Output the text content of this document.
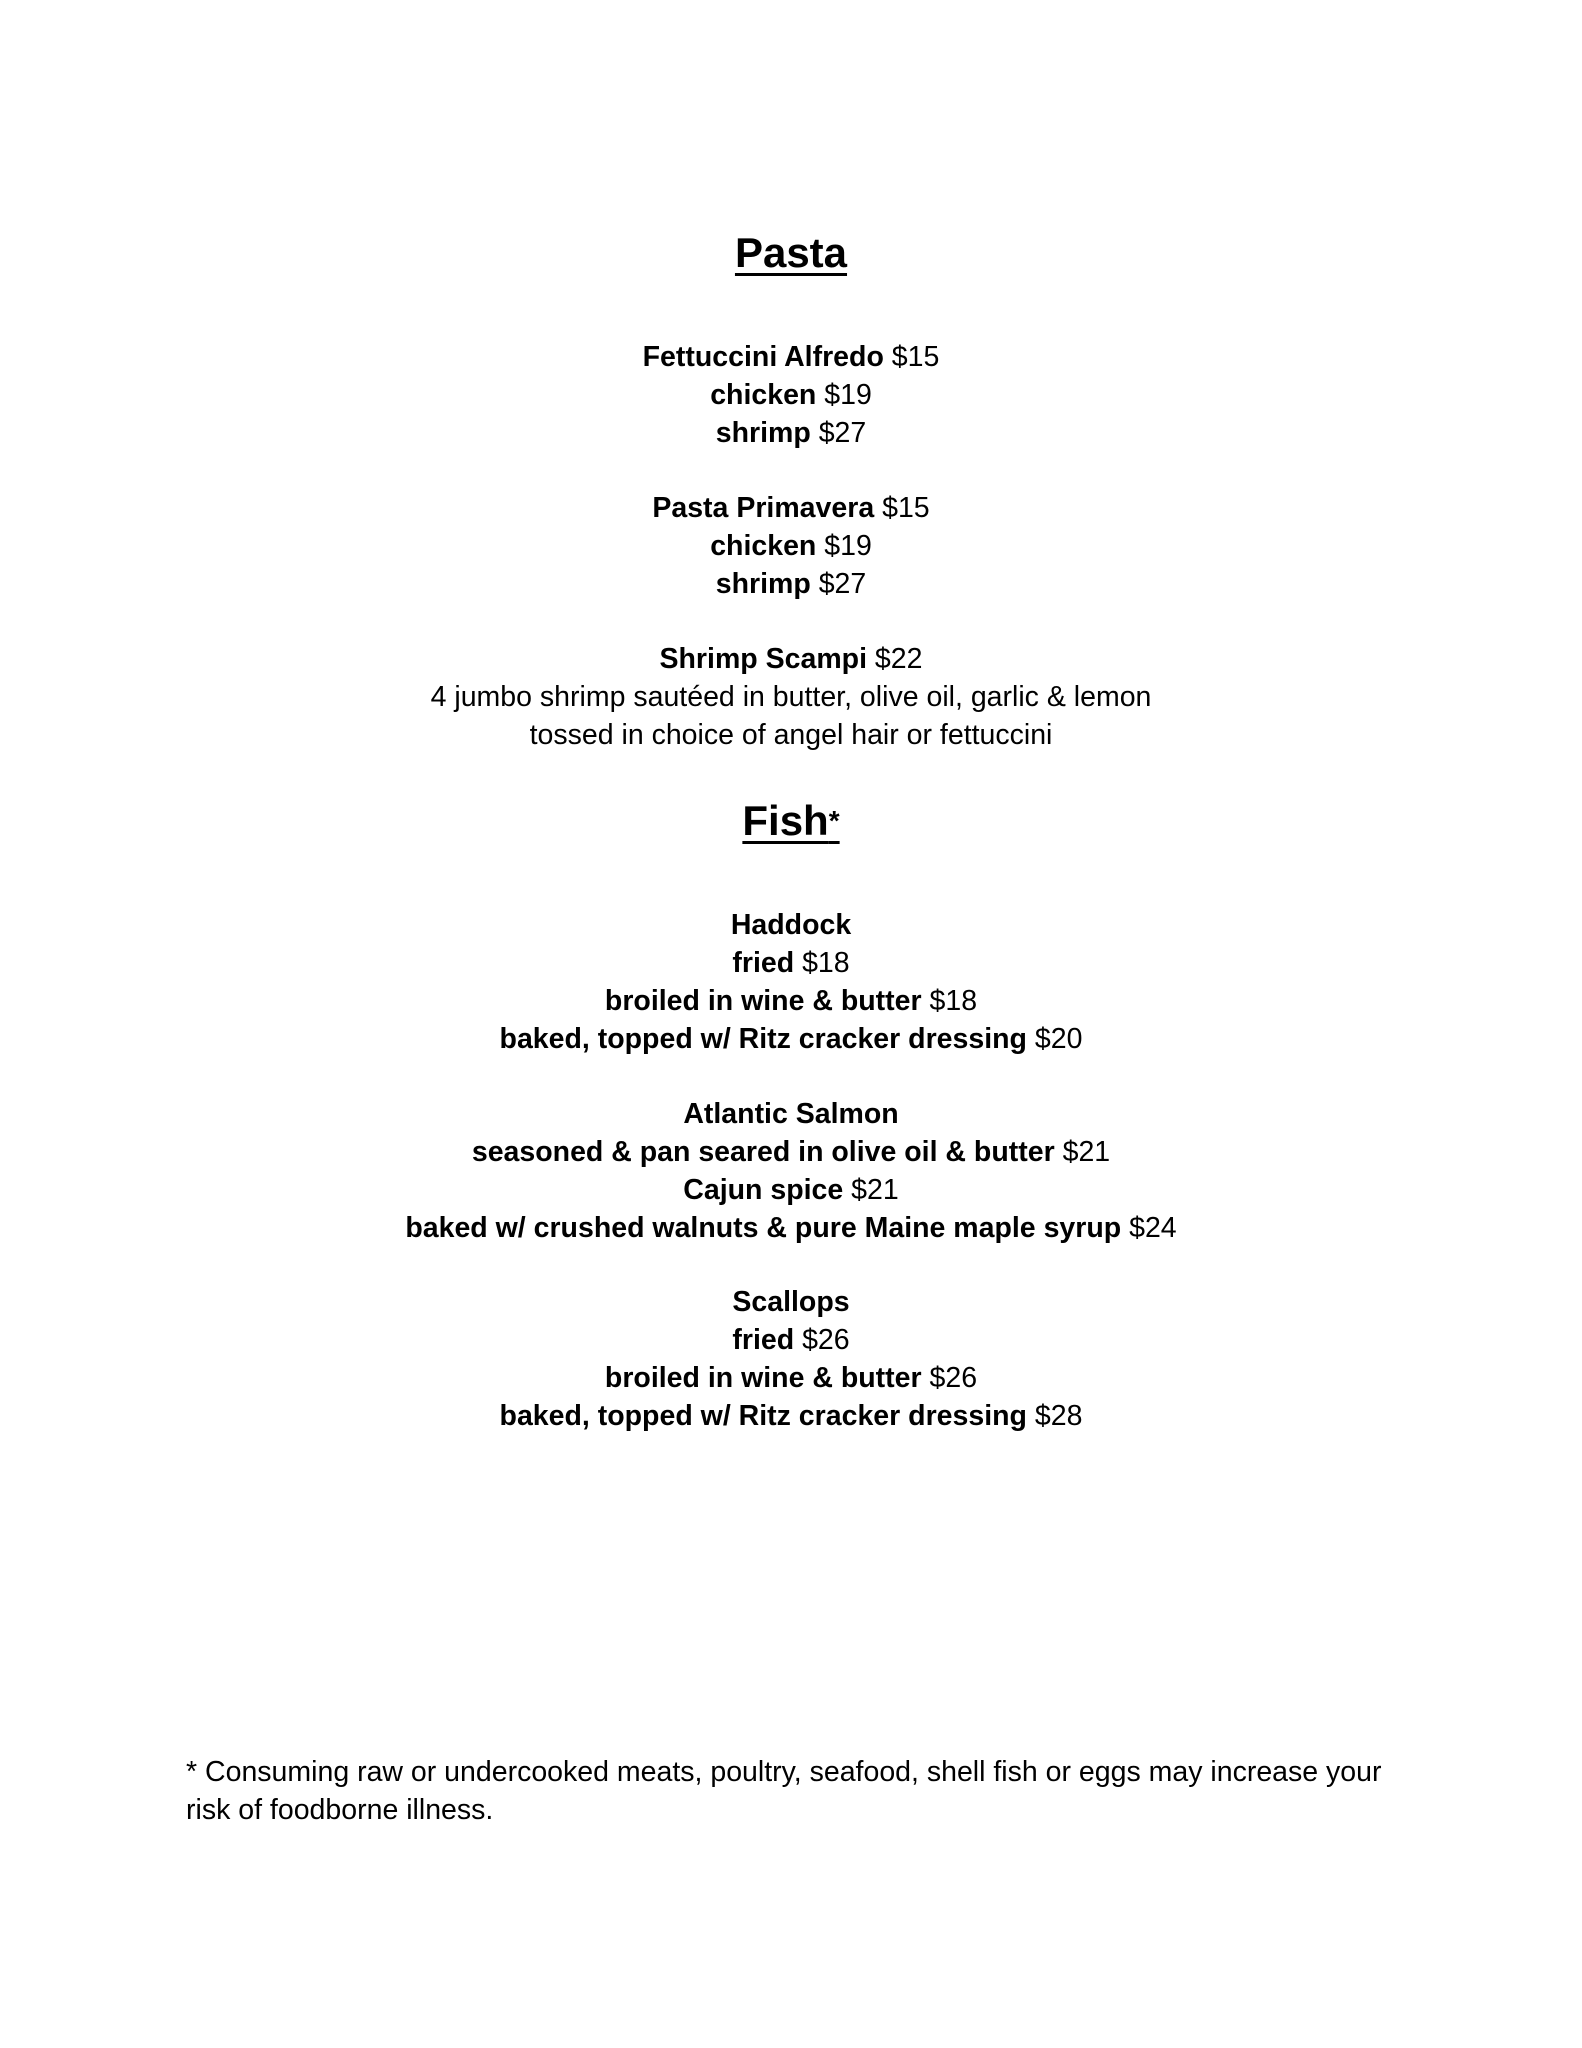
Pasta
Fettuccini Alfredo $15
chicken $19
shrimp $27
Pasta Primavera $15
chicken $19
shrimp $27
Shrimp Scampi $22
4 jumbo shrimp sautéed in butter, olive oil, garlic & lemon
tossed in choice of angel hair or fettuccini
Fish*
Haddock
fried $18
broiled in wine & butter $18
baked, topped w/ Ritz cracker dressing $20
Atlantic Salmon
seasoned & pan seared in olive oil & butter $21
Cajun spice $21
baked w/ crushed walnuts & pure Maine maple syrup $24
Scallops
fried $26
broiled in wine & butter $26
baked, topped w/ Ritz cracker dressing $28
* Consuming raw or undercooked meats, poultry, seafood, shell fish or eggs may increase your risk of foodborne illness.
